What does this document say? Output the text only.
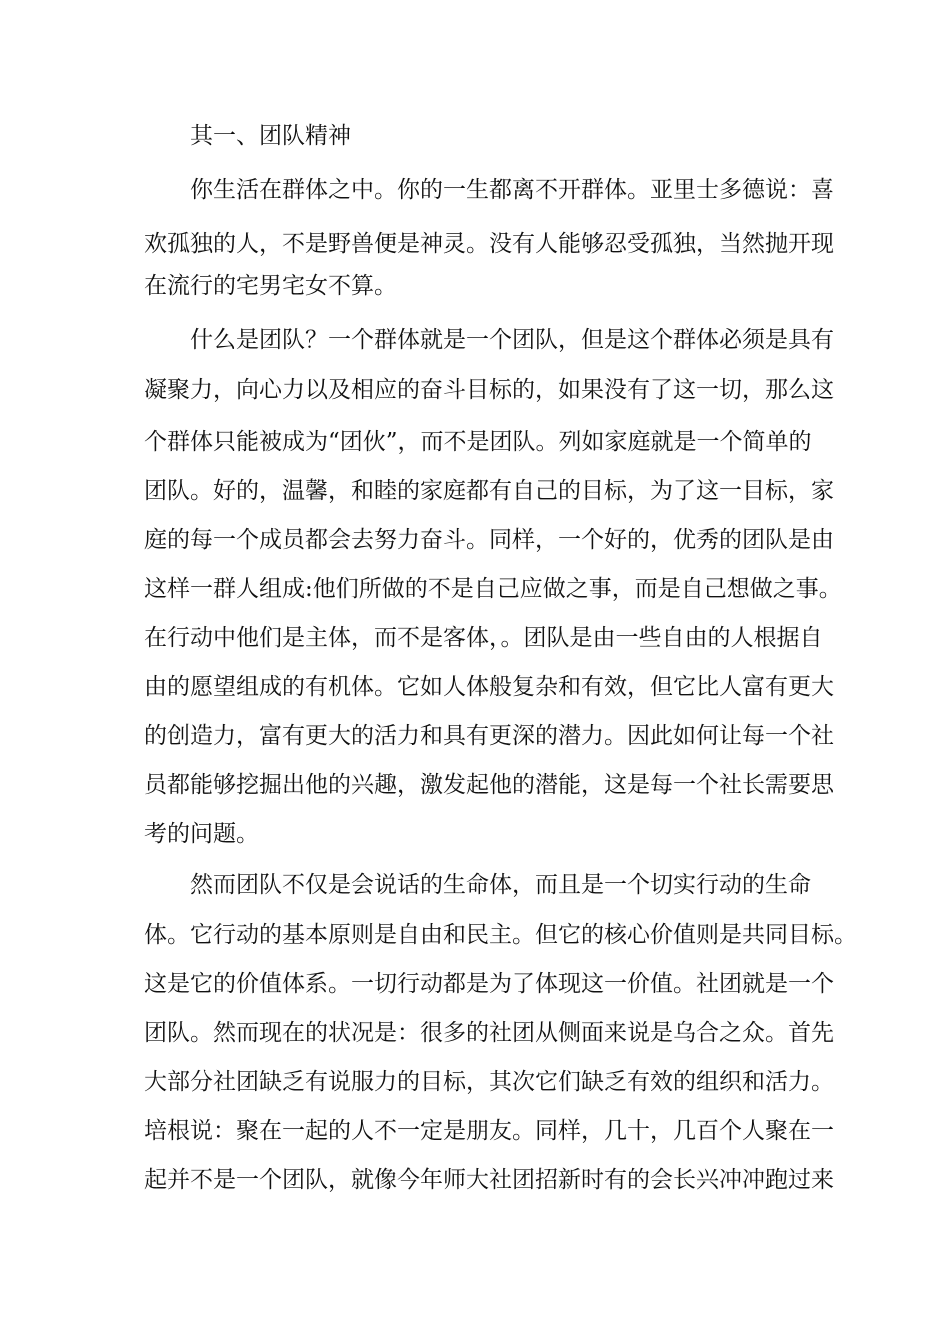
其一、团队精神
你生活在群体之中。你的一生都离不开群体。亚里士多德说：喜
欢孤独的人，不是野兽便是神灵。没有人能够忍受孤独，当然抛开现
在流行的宅男宅女不算。
什么是团队？一个群体就是一个团队，但是这个群体必须是具有
凝聚力，向心力以及相应的奋斗目标的，如果没有了这一切，那么这
个群体只能被成为“团伙”，而不是团队。列如家庭就是一个简单的
团队。好的，温馨，和睦的家庭都有自己的目标，为了这一目标，家
庭的每一个成员都会去努力奋斗。同样，一个好的，优秀的团队是由
这样一群人组成:他们所做的不是自己应做之事，而是自己想做之事。
在行动中他们是主体，而不是客体，。团队是由一些自由的人根据自
由的愿望组成的有机体。它如人体般复杂和有效，但它比人富有更大
的创造力，富有更大的活力和具有更深的潜力。因此如何让每一个社
员都能够挖掘出他的兴趣，激发起他的潜能，这是每一个社长需要思
考的问题。
然而团队不仅是会说话的生命体，而且是一个切实行动的生命
体。它行动的基本原则是自由和民主。但它的核心价值则是共同目标。
这是它的价值体系。一切行动都是为了体现这一价值。社团就是一个
团队。然而现在的状况是：很多的社团从侧面来说是乌合之众。首先
大部分社团缺乏有说服力的目标，其次它们缺乏有效的组织和活力。
培根说：聚在一起的人不一定是朋友。同样，几十，几百个人聚在一
起并不是一个团队，就像今年师大社团招新时有的会长兴冲冲跑过来
